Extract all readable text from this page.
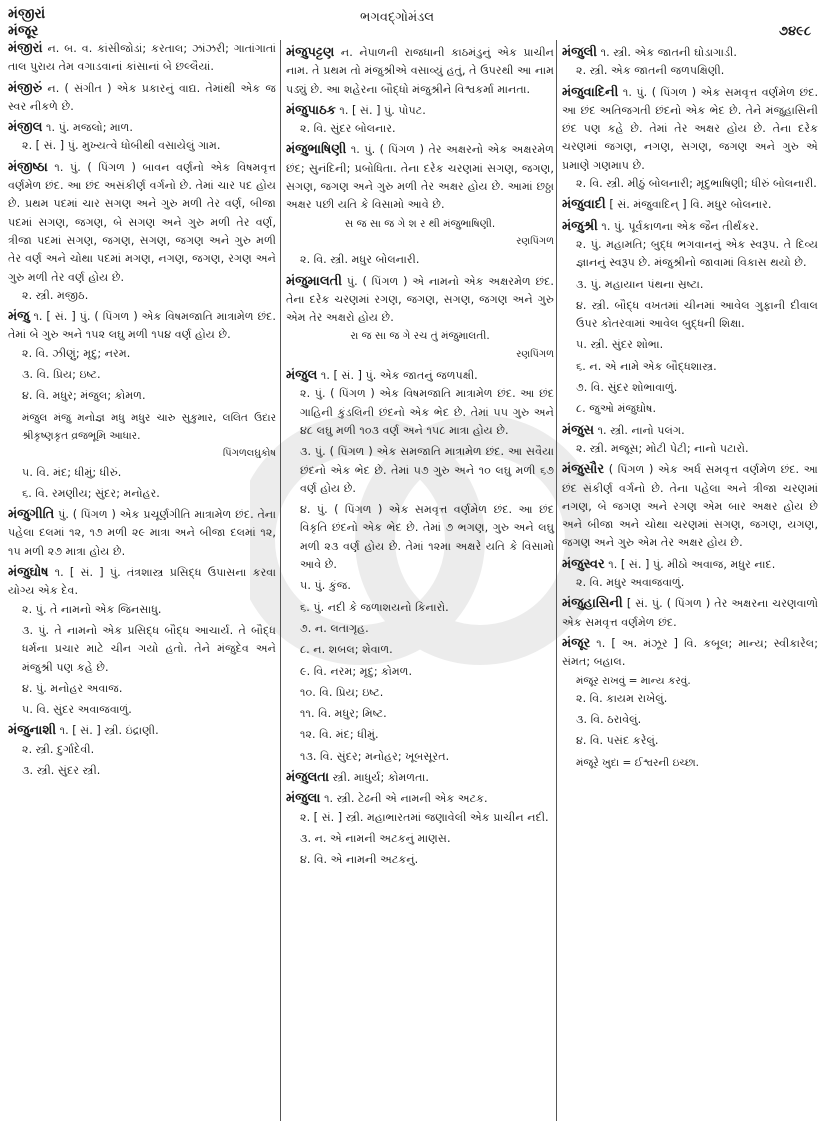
મંજીરાં
મંજૂર
ભગવદ્ગોમંડલ
૭૪૯૮
મંજીરાં ન. બ. વ. કાંસીજોડાં; કરતાલ; ઝાંઝરી; ગાતાંગાતાં તાલ પુરાય તેમ વગાડવાનાં કાંસાનાં બે છલ્લૈયાં.
મંજીરું ન. ( સંગીત ) એક પ્રકારનું વાદ્ય. તેમાંથી એક જ સ્વર નીકળે છે.
મંજીલ ૧. પું. મજલો; માળ.
૨. [ સં. ] પું. મુખ્યત્વે ધોબીથી વસાયેલું ગામ.
મંજીષ્ઠા ૧. પું. ( પિંગળ ) બાવન વર્ણનો એક વિષમવૃત્ત વર્ણમેળ છંદ. આ છંદ અસંકીર્ણ વર્ગનો છે. તેમાં ચાર પદ હોય છે. પ્રથમ પદમાં ચાર સગણ અને ગુરુ મળી તેર વર્ણ, બીજા પદમાં સગણ, જગણ, બે સગણ અને ગુરુ મળી તેર વર્ણ, ત્રીજા પદમાં સગણ, જગણ, સગણ, જગણ અને ગુરુ મળી તેર વર્ણ અને ચોથા પદમાં મગણ, નગણ, જગણ, રગણ અને ગુરુ મળી તેર વર્ણ હોય છે.
૨. સ્ત્રી. મજીઠ.
મંજુ ૧. [ સં. ] પું. ( પિંગળ ) એક વિષમજાતિ માત્રામેળ છંદ. તેમાં બે ગુરુ અને ૧૫૨ લઘુ મળી ૧૫૪ વર્ણ હોય છે.
૨. વિ. ઝીણું; મૃદુ; નરમ.
૩. વિ. પ્રિય; ઇષ્ટ.
૪. વિ. મધુર; મંજુલ; કોમળ.
મંજુલ મંજુ મનોજ્ઞ મધુ મધુર ચારુ સુકુમાર, લલિત ઉદાર શ્રીકૃષ્ણકૃત વ્રજભૂમિ આધાર.
પિંગળલઘુકોષ
૫. વિ. મંદ; ધીમું; ધીરું.
૬. વિ. રમણીય; સુંદર; મનોહર.
મંજુગીતિ પું. ( પિંગળ ) એક પ્રચૂર્ણગીતિ માત્રામેળ છંદ. તેના પહેલા દલમાં ૧૨, ૧૭ મળી ૨૯ માત્રા અને બીજા દલમાં ૧૨, ૧૫ મળી ૨૭ માત્રા હોય છે.
મંજુઘોષ ૧. [ સં. ] પું. તંત્રશાસ્ત્ર પ્રસિદ્ધ ઉપાસના કરવા યોગ્ય એક દેવ.
૨. પું. તે નામનો એક જિનસાધુ.
૩. પું. તે નામનો એક પ્રસિદ્ધ બૌદ્ધ આચાર્ય. તે બૌદ્ધ ધર્મના પ્રચાર માટે ચીન ગયો હતો. તેને મંજુદેવ અને મંજુશ્રી પણ કહે છે.
૪. પું. મનોહર અવાજ.
૫. વિ. સુંદર અવાજવાળું.
મંજુનાશી ૧. [ સં. ] સ્ત્રી. ઇંદ્રાણી.
૨. સ્ત્રી. દુર્ગાદેવી.
૩. સ્ત્રી. સુંદર સ્ત્રી.
મંજુપટ્ટણ ન. નેપાળની રાજધાની કાઠમંડુનું એક પ્રાચીન નામ. તે પ્રથમ તો મંજુશ્રીએ વસાવ્યું હતું, તે ઉપરથી આ નામ પડ્યું છે. આ શહેરના બૌદ્ધો મંજુશ્રીને વિશ્વકર્મા માનતા.
મંજુપાઠક ૧. [ સં. ] પું. પોપટ.
૨. વિ. સુંદર બોલનાર.
મંજુભાષિણી ૧. પું. ( પિંગળ ) તેર અક્ષરનો એક અક્ષરમેળ છંદ; સુનંદિની; પ્રબોધિતા. તેના દરેક ચરણમાં સગણ, જગણ, સગણ, જગણ અને ગુરુ મળી તેર અક્ષર હોય છે. આમાં છઠ્ઠા અક્ષર પછી યતિ કે વિસામો આવે છે.
સ જ સા જ ગે શ ર થી મંજુભાષિણી.
રણપિંગળ
૨. વિ. સ્ત્રી. મધુર બોલનારી.
મંજુમાલતી પું. ( પિંગળ ) એ નામનો એક અક્ષરમેળ છંદ. તેના દરેક ચરણમાં રગણ, જગણ, સગણ, જગણ અને ગુરુ એમ તેર અક્ષરો હોય છે.
રા જ સા જ ગે રચ તું મંજુમાલતી.
રણપિંગળ
મંજુલ ૧. [ સં. ] પું. એક જાતનું જળપક્ષી.
૨. પું. ( પિંગળ ) એક વિષમજાતિ માત્રામેળ છંદ. આ છંદ ગાહિની કુંડલિની છંદનો એક ભેદ છે. તેમાં ૫૫ ગુરુ અને ૪૮ લઘુ મળી ૧૦૩ વર્ણ અને ૧૫૮ માત્રા હોય છે.
૩. પું. ( પિંગળ ) એક સમજાતિ માત્રામેળ છંદ. આ સવૈયા છંદનો એક ભેદ છે. તેમાં ૫૭ ગુરુ અને ૧૦ લઘુ મળી ૬૭ વર્ણ હોય છે.
૪. પું. ( પિંગળ ) એક સમવૃત્ત વર્ણમેળ છંદ. આ છંદ વિકૃતિ છંદનો એક ભેદ છે. તેમાં ૭ ભગણ, ગુરુ અને લઘુ મળી ૨૩ વર્ણ હોય છે. તેમાં ૧૨મા અક્ષરે યતિ કે વિસામો આવે છે.
૫. પું. કુંજ.
૬. પું. નદી કે જળાશયનો કિનારો.
૭. ન. લતાગૃહ.
૮. ન. શબલ; શેવાળ.
૯. વિ. નરમ; મૃદુ; કોમળ.
૧૦. વિ. પ્રિય; ઇષ્ટ.
૧૧. વિ. મધુર; મિષ્ટ.
૧૨. વિ. મંદ; ધીમું.
૧૩. વિ. સુંદર; મનોહર; ખૂબસૂરત.
મંજુલતા સ્ત્રી. માધુર્ય; કોમળતા.
મંજુલા ૧. સ્ત્રી. ટેઢની એ નામની એક અટક.
૨. [ સં. ] સ્ત્રી. મહાભારતમાં જણાવેલી એક પ્રાચીન નદી.
૩. ન. એ નામની અટકનું માણસ.
૪. વિ. એ નામની અટકનું.
મંજુલી ૧. સ્ત્રી. એક જાતની ઘોડાગાડી.
૨. સ્ત્રી. એક જાતની જળપક્ષિણી.
મંજુવાદિની ૧. પું. ( પિંગળ ) એક સમવૃત્ત વર્ણમેળ છંદ. આ છંદ અતિજગતી છંદનો એક ભેદ છે. તેને મંજુહાસિની છંદ પણ કહે છે. તેમાં તેર અક્ષર હોય છે. તેના દરેક ચરણમાં જગણ, નગણ, સગણ, જગણ અને ગુરુ એ પ્રમાણે ગણમાપ છે.
૨. વિ. સ્ત્રી. મીઠું બોલનારી; મૃદુભાષિણી; ધીરું બોલનારી.
મંજુવાદી [ સં. મંજુવાદિન્ ] વિ. મધુર બોલનાર.
મંજુશ્રી ૧. પું. પૂર્વકાળના એક જૈન તીર્થંકર.
૨. પું. મહામતિ; બુદ્ધ ભગવાનનું એક સ્વરૂપ. તે દિવ્ય જ્ઞાનનું સ્વરૂપ છે. મંજુશ્રીનો જાવામાં વિકાસ થયો છે.
૩. પું. મહાયાન પંથના સ્રષ્ટા.
૪. સ્ત્રી. બૌદ્ધ વખતમાં ચીનમાં આવેલ ગુફાની દીવાલ ઉપર કોતરવામાં આવેલ બુદ્ધની શિક્ષા.
૫. સ્ત્રી. સુંદર શોભા.
૬. ન. એ નામે એક બૌદ્ધશાસ્ત્ર.
૭. વિ. સુંદર શોભાવાળું.
૮. જુઓ મંજુઘોષ.
મંજુસ ૧. સ્ત્રી. નાનો પલંગ.
૨. સ્ત્રી. મજૂસ; મોટી પેટી; નાનો પટારો.
મંજુસૌર ( પિંગળ ) એક અર્ધ સમવૃત્ત વર્ણમેળ છંદ. આ છંદ સંકીર્ણ વર્ગનો છે. તેના પહેલા અને ત્રીજા ચરણમાં નગણ, બે જગણ અને રગણ એમ બાર અક્ષર હોય છે અને બીજા અને ચોથા ચરણમાં સગણ, જગણ, યગણ, જગણ અને ગુરુ એમ તેર અક્ષર હોય છે.
મંજુસ્વર ૧. [ સં. ] પું. મીઠો અવાજ, મધુર નાદ.
૨. વિ. મધુર અવાજવાળું.
મંજુહાસિની [ સં. પું. ( પિંગળ ) તેર અક્ષરના ચરણવાળો એક સમવૃત્ત વર્ણમેળ છંદ.
મંજૂર ૧. [ અ. મંઝૂર ] વિ. કબૂલ; માન્ય; સ્વીકારેલ; સંમત; બહાલ.
મંજૂર રાખવું = માન્ય કરવું.
૨. વિ. કાયમ રાખેલું.
૩. વિ. ઠરાવેલું.
૪. વિ. પસંદ કરેલું.
મંજૂરે ખુદા = ઈશ્વરની ઇચ્છા.
